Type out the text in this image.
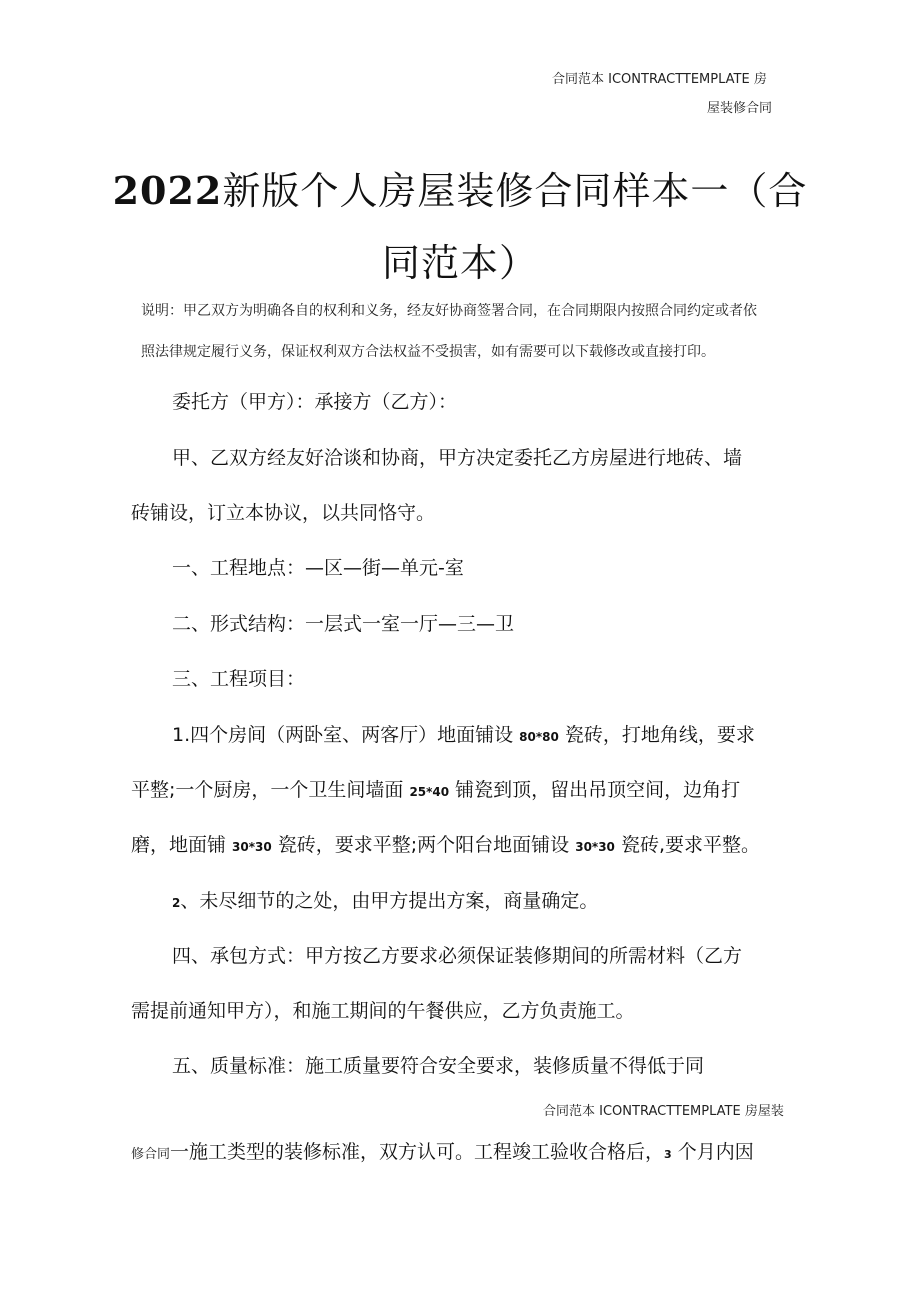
合同范本 ICONTRACTTEMPLATE 房
屋装修合同
2022新版个人房屋装修合同样本一（合
同范本）
说明：甲乙双方为明确各自的权利和义务，经友好协商签署合同，在合同期限内按照合同约定或者依
照法律规定履行义务，保证权利双方合法权益不受损害，如有需要可以下载修改或直接打印。
委托方（甲方）：承接方（乙方）：
甲、乙双方经友好洽谈和协商，甲方决定委托乙方房屋进行地砖、墙
砖铺设，订立本协议，以共同恪守。
一、工程地点：—区—街—单元-室
二、形式结构：一层式一室一厅—三—卫
三、工程项目：
1.四个房间（两卧室、两客厅）地面铺设 80*80 瓷砖，打地角线，要求
平整;一个厨房，一个卫生间墙面 25*40 铺瓷到顶，留出吊顶空间，边角打
磨，地面铺 30*30 瓷砖，要求平整;两个阳台地面铺设 30*30 瓷砖,要求平整。
2、未尽细节的之处，由甲方提出方案，商量确定。
四、承包方式：甲方按乙方要求必须保证装修期间的所需材料（乙方
需提前通知甲方），和施工期间的午餐供应，乙方负责施工。
五、质量标准：施工质量要符合安全要求，装修质量不得低于同
合同范本 ICONTRACTTEMPLATE 房屋装
修合同一施工类型的装修标准，双方认可。工程竣工验收合格后，3 个月内因
